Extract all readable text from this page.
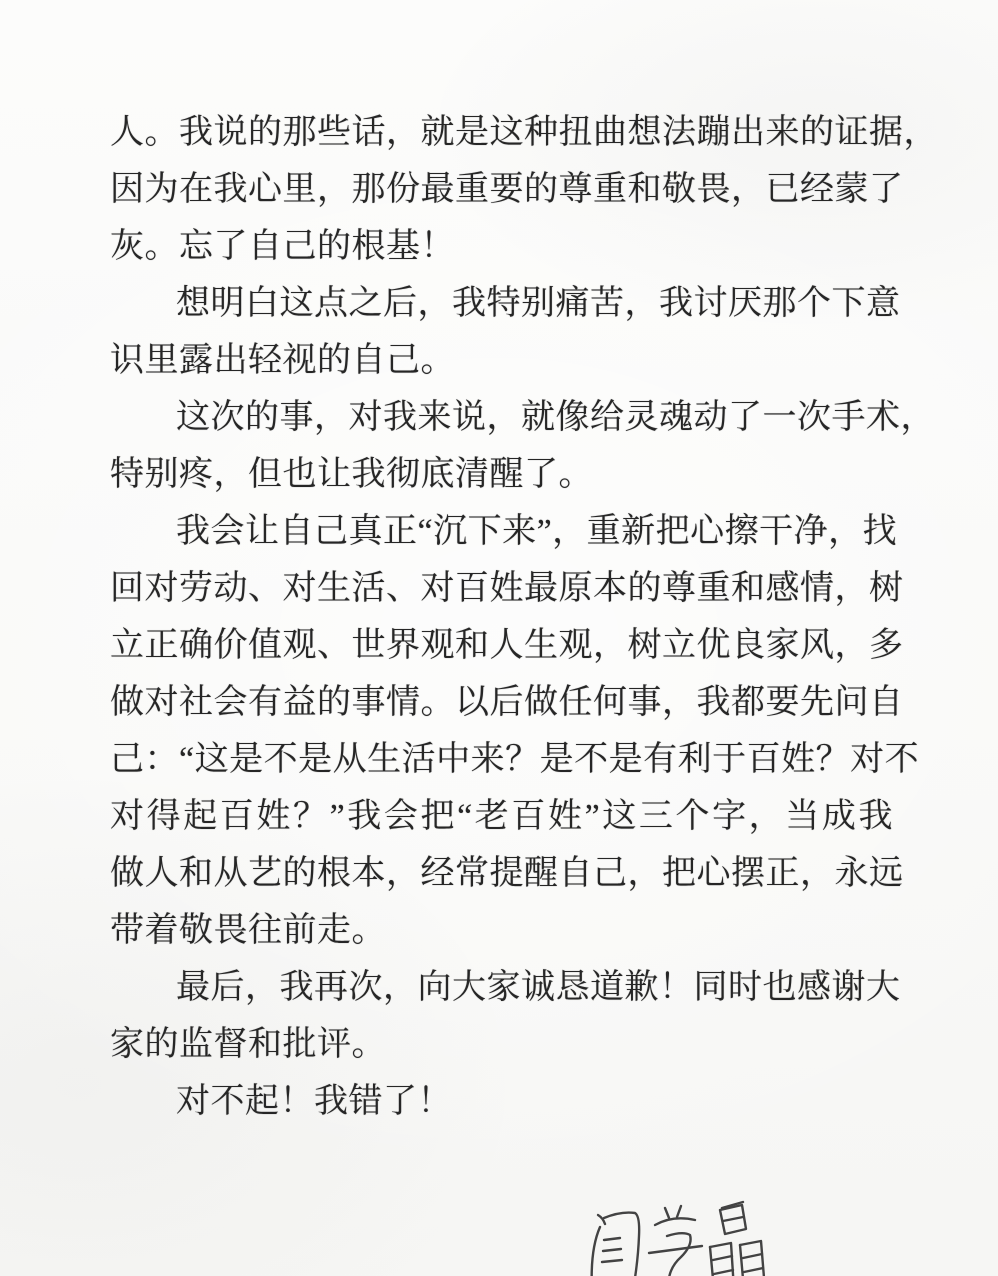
人。我说的那些话，就是这种扭曲想法蹦出来的证据，
因为在我心里，那份最重要的尊重和敬畏，已经蒙了
灰。忘了自己的根基！
想明白这点之后，我特别痛苦，我讨厌那个下意
识里露出轻视的自己。
这次的事，对我来说，就像给灵魂动了一次手术，
特别疼，但也让我彻底清醒了。
我会让自己真正“沉下来”，重新把心擦干净，找
回对劳动、对生活、对百姓最原本的尊重和感情，树
立正确价值观、世界观和人生观，树立优良家风，多
做对社会有益的事情。以后做任何事，我都要先问自
己：“这是不是从生活中来？是不是有利于百姓？对不
对得起百姓？”我会把“老百姓”这三个字，当成我
做人和从艺的根本，经常提醒自己，把心摆正，永远
带着敬畏往前走。
最后，我再次，向大家诚恳道歉！同时也感谢大
家的监督和批评。
对不起！我错了！
